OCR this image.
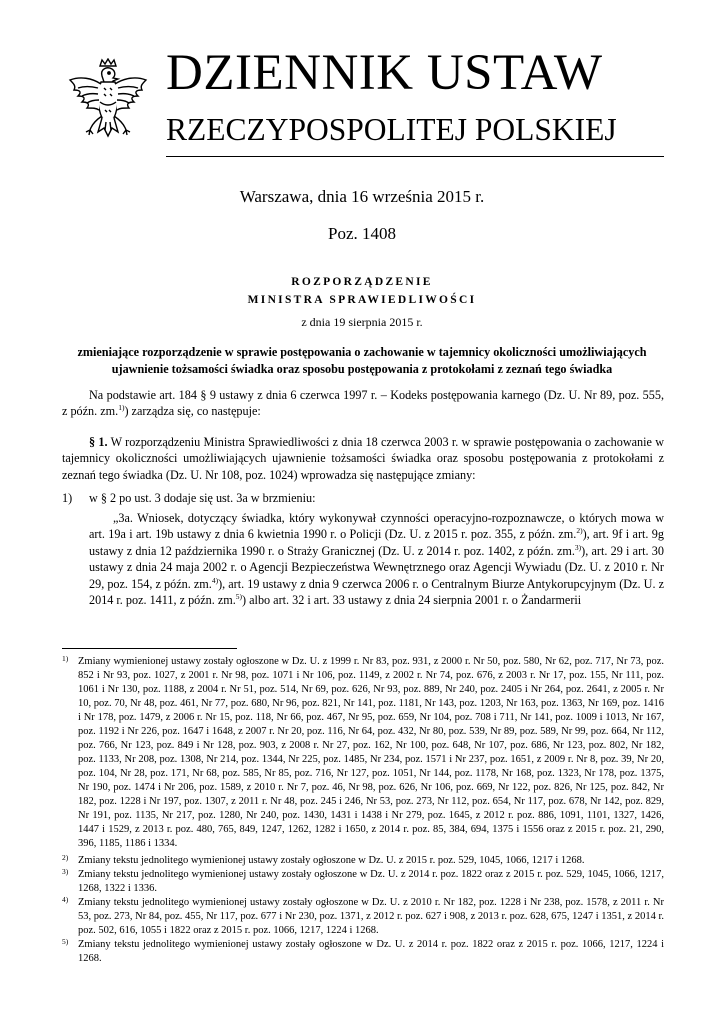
DZIENNIK USTAW
RZECZYPOSPOLITEJ POLSKIEJ
Warszawa, dnia 16 września 2015 r.
Poz. 1408
ROZPORZĄDZENIE
MINISTRA SPRAWIEDLIWOŚCI
z dnia 19 sierpnia 2015 r.
zmieniające rozporządzenie w sprawie postępowania o zachowanie w tajemnicy okoliczności umożliwiających ujawnienie tożsamości świadka oraz sposobu postępowania z protokołami z zeznań tego świadka

Na podstawie art. 184 § 9 ustawy z dnia 6 czerwca 1997 r. – Kodeks postępowania karnego (Dz. U. Nr 89, poz. 555, z późn. zm.$^{1)}$) zarządza się, co następuje:

§ 1. W rozporządzeniu Ministra Sprawiedliwości z dnia 18 czerwca 2003 r. w sprawie postępowania o zachowanie w tajemnicy okoliczności umożliwiających ujawnienie tożsamości świadka oraz sposobu postępowania z protokołami z zeznań tego świadka (Dz. U. Nr 108, poz. 1024) wprowadza się następujące zmiany:

1) w § 2 po ust. 3 dodaje się ust. 3a w brzmieniu:

„3a. Wniosek, dotyczący świadka, który wykonywał czynności operacyjno-rozpoznawcze, o których mowa w art. 19a i art. 19b ustawy z dnia 6 kwietnia 1990 r. o Policji (Dz. U. z 2015 r. poz. 355, z późn. zm.$^{2)}$), art. 9f i art. 9g ustawy z dnia 12 października 1990 r. o Straży Granicznej (Dz. U. z 2014 r. poz. 1402, z późn. zm.$^{3)}$), art. 29 i art. 30 ustawy z dnia 24 maja 2002 r. o Agencji Bezpieczeństwa Wewnętrznego oraz Agencji Wywiadu (Dz. U. z 2010 r. Nr 29, poz. 154, z późn. zm.$^{4)}$), art. 19 ustawy z dnia 9 czerwca 2006 r. o Centralnym Biurze Antykorupcyjnym (Dz. U. z 2014 r. poz. 1411, z późn. zm.$^{5)}$) albo art. 32 i art. 33 ustawy z dnia 24 sierpnia 2001 r. o Żandarmerii

1) Zmiany wymienionej ustawy zostały ogłoszone w Dz. U. z 1999 r. Nr 83, poz. 931, z 2000 r. Nr 50, poz. 580, Nr 62, poz. 717, Nr 73, poz. 852 i Nr 93, poz. 1027, z 2001 r. Nr 98, poz. 1071 i Nr 106, poz. 1149, z 2002 r. Nr 74, poz. 676, z 2003 r. Nr 17, poz. 155, Nr 111, poz. 1061 i Nr 130, poz. 1188, z 2004 r. Nr 51, poz. 514, Nr 69, poz. 626, Nr 93, poz. 889, Nr 240, poz. 2405 i Nr 264, poz. 2641, z 2005 r. Nr 10, poz. 70, Nr 48, poz. 461, Nr 77, poz. 680, Nr 96, poz. 821, Nr 141, poz. 1181, Nr 143, poz. 1203, Nr 163, poz. 1363, Nr 169, poz. 1416 i Nr 178, poz. 1479, z 2006 r. Nr 15, poz. 118, Nr 66, poz. 467, Nr 95, poz. 659, Nr 104, poz. 708 i 711, Nr 141, poz. 1009 i 1013, Nr 167, poz. 1192 i Nr 226, poz. 1647 i 1648, z 2007 r. Nr 20, poz. 116, Nr 64, poz. 432, Nr 80, poz. 539, Nr 89, poz. 589, Nr 99, poz. 664, Nr 112, poz. 766, Nr 123, poz. 849 i Nr 128, poz. 903, z 2008 r. Nr 27, poz. 162, Nr 100, poz. 648, Nr 107, poz. 686, Nr 123, poz. 802, Nr 182, poz. 1133, Nr 208, poz. 1308, Nr 214, poz. 1344, Nr 225, poz. 1485, Nr 234, poz. 1571 i Nr 237, poz. 1651, z 2009 r. Nr 8, poz. 39, Nr 20, poz. 104, Nr 28, poz. 171, Nr 68, poz. 585, Nr 85, poz. 716, Nr 127, poz. 1051, Nr 144, poz. 1178, Nr 168, poz. 1323, Nr 178, poz. 1375, Nr 190, poz. 1474 i Nr 206, poz. 1589, z 2010 r. Nr 7, poz. 46, Nr 98, poz. 626, Nr 106, poz. 669, Nr 122, poz. 826, Nr 125, poz. 842, Nr 182, poz. 1228 i Nr 197, poz. 1307, z 2011 r. Nr 48, poz. 245 i 246, Nr 53, poz. 273, Nr 112, poz. 654, Nr 117, poz. 678, Nr 142, poz. 829, Nr 191, poz. 1135, Nr 217, poz. 1280, Nr 240, poz. 1430, 1431 i 1438 i Nr 279, poz. 1645, z 2012 r. poz. 886, 1091, 1101, 1327, 1426, 1447 i 1529, z 2013 r. poz. 480, 765, 849, 1247, 1262, 1282 i 1650, z 2014 r. poz. 85, 384, 694, 1375 i 1556 oraz z 2015 r. poz. 21, 290, 396, 1185, 1186 i 1334.
2) Zmiany tekstu jednolitego wymienionej ustawy zostały ogłoszone w Dz. U. z 2015 r. poz. 529, 1045, 1066, 1217 i 1268.
3) Zmiany tekstu jednolitego wymienionej ustawy zostały ogłoszone w Dz. U. z 2014 r. poz. 1822 oraz z 2015 r. poz. 529, 1045, 1066, 1217, 1268, 1322 i 1336.
4) Zmiany tekstu jednolitego wymienionej ustawy zostały ogłoszone w Dz. U. z 2010 r. Nr 182, poz. 1228 i Nr 238, poz. 1578, z 2011 r. Nr 53, poz. 273, Nr 84, poz. 455, Nr 117, poz. 677 i Nr 230, poz. 1371, z 2012 r. poz. 627 i 908, z 2013 r. poz. 628, 675, 1247 i 1351, z 2014 r. poz. 502, 616, 1055 i 1822 oraz z 2015 r. poz. 1066, 1217, 1224 i 1268.
5) Zmiany tekstu jednolitego wymienionej ustawy zostały ogłoszone w Dz. U. z 2014 r. poz. 1822 oraz z 2015 r. poz. 1066, 1217, 1224 i 1268.
